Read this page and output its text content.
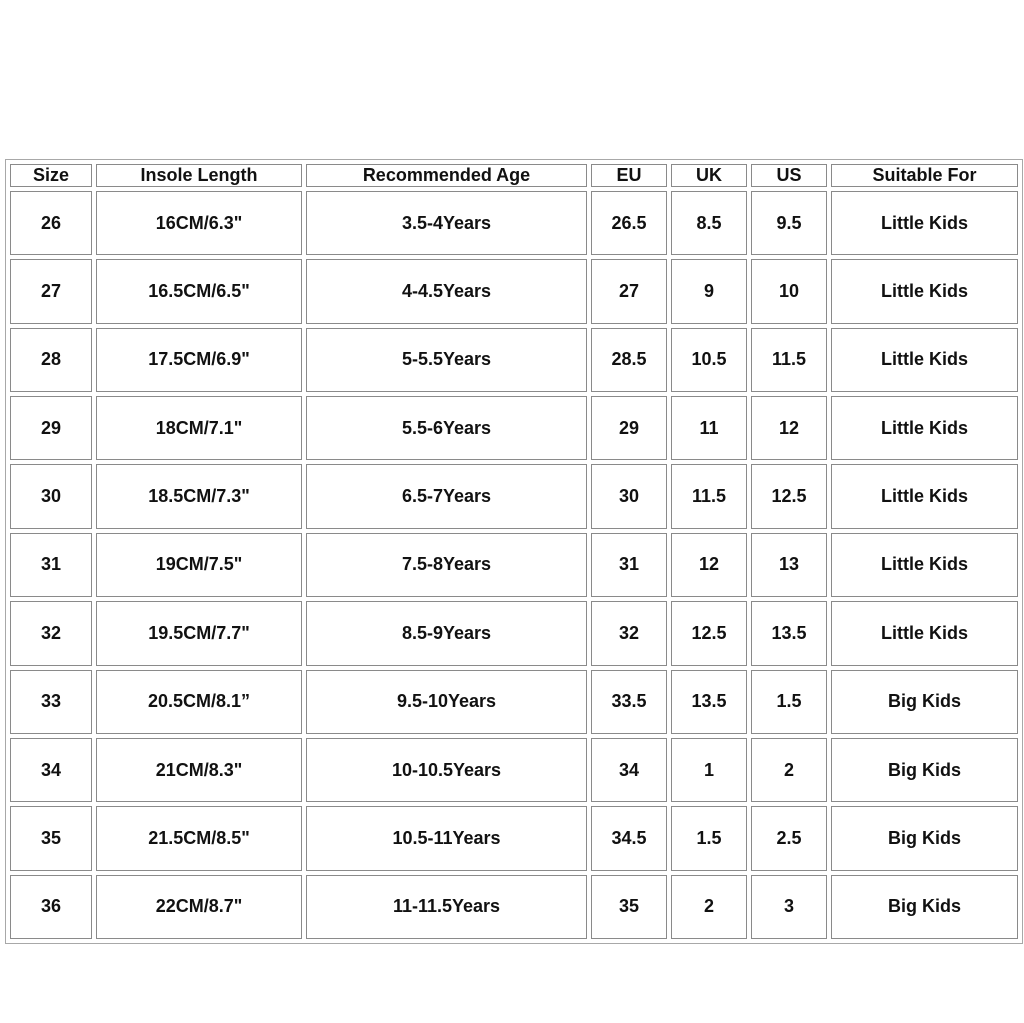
Size	Insole Length	Recommended Age	EU	UK	US	Suitable For
26	16CM/6.3"	3.5-4Years	26.5	8.5	9.5	Little Kids
27	16.5CM/6.5"	4-4.5Years	27	9	10	Little Kids
28	17.5CM/6.9"	5-5.5Years	28.5	10.5	11.5	Little Kids
29	18CM/7.1"	5.5-6Years	29	11	12	Little Kids
30	18.5CM/7.3"	6.5-7Years	30	11.5	12.5	Little Kids
31	19CM/7.5"	7.5-8Years	31	12	13	Little Kids
32	19.5CM/7.7"	8.5-9Years	32	12.5	13.5	Little Kids
33	20.5CM/8.1”	9.5-10Years	33.5	13.5	1.5	Big Kids
34	21CM/8.3"	10-10.5Years	34	1	2	Big Kids
35	21.5CM/8.5"	10.5-11Years	34.5	1.5	2.5	Big Kids
36	22CM/8.7"	11-11.5Years	35	2	3	Big Kids
